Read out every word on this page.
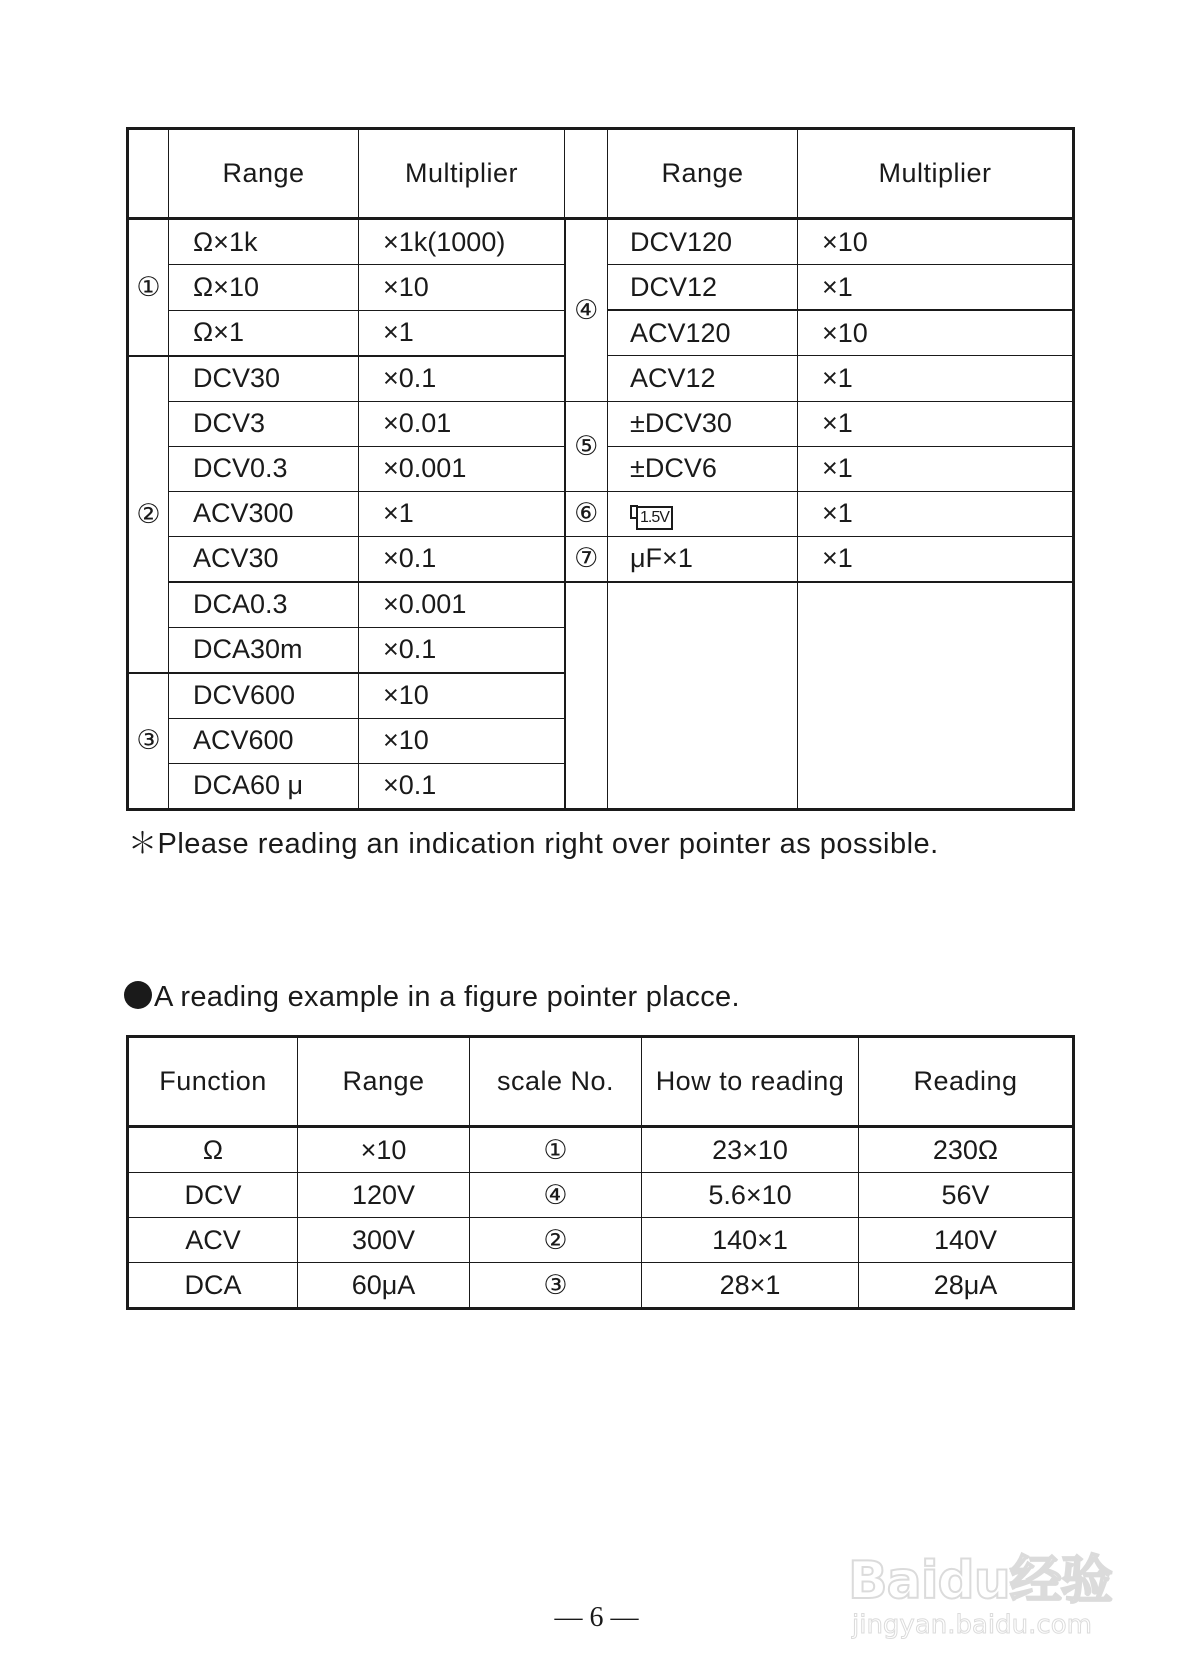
	Range	Multiplier		Range	Multiplier
①	Ω×1k	×1k(1000)	④	DCV120	×10
	Ω×10	×10		DCV12	×1
	Ω×1	×1		ACV120	×10
②	DCV30	×0.1		ACV12	×1
	DCV3	×0.01	⑤	±DCV30	×1
	DCV0.3	×0.001		±DCV6	×1
	ACV300	×1	⑥	1.5V	×1
	ACV30	×0.1	⑦	μF×1	×1
	DCA0.3	×0.001			
	DCA30m	×0.1			
③	DCV600	×10			
	ACV600	×10			
	DCA60 μ	×0.1			

＊Please reading an indication right over pointer as possible.

A reading example in a figure pointer placce.

Function	Range	scale No.	How to reading	Reading
Ω	×10	①	23×10	230Ω
DCV	120V	④	5.6×10	56V
ACV	300V	②	140×1	140V
DCA	60μA	③	28×1	28μA
Baidu经验
jingyan.baidu.com

— 6 —
